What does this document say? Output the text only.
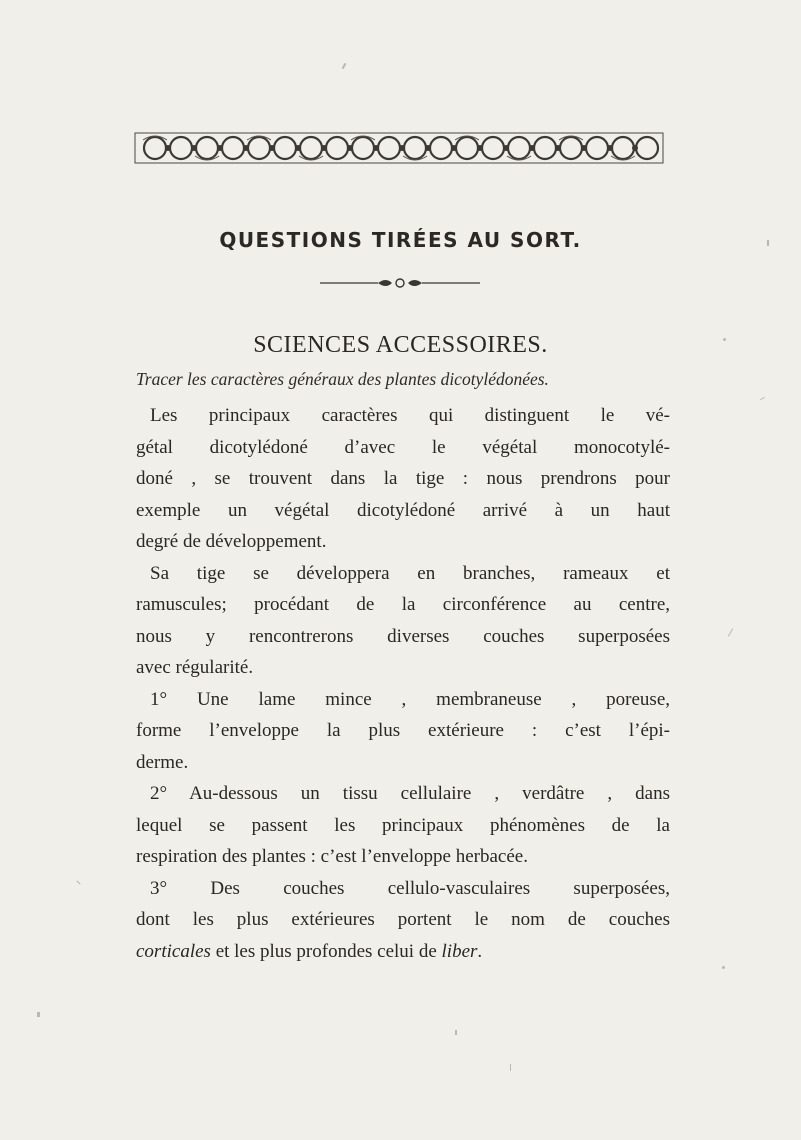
QUESTIONS TIRÉES AU SORT.
SCIENCES ACCESSOIRES.
Tracer les caractères généraux des plantes dicotylédonées.

Les principaux caractères qui distinguent le vé-
gétal dicotylédoné d’avec le végétal monocotylé-
doné , se trouvent dans la tige : nous prendrons pour
exemple un végétal dicotylédoné arrivé à un haut
degré de développement.

Sa tige se développera en branches, rameaux et
ramuscules; procédant de la circonférence au centre,
nous y rencontrerons diverses couches superposées
avec régularité.

1° Une lame mince , membraneuse , poreuse,
forme l’enveloppe la plus extérieure : c’est l’épi-
derme.

2° Au-dessous un tissu cellulaire , verdâtre , dans
lequel se passent les principaux phénomènes de la
respiration des plantes : c’est l’enveloppe herbacée.

3° Des couches cellulo-vasculaires superposées,
dont les plus extérieures portent le nom de couches
corticales et les plus profondes celui de liber.
